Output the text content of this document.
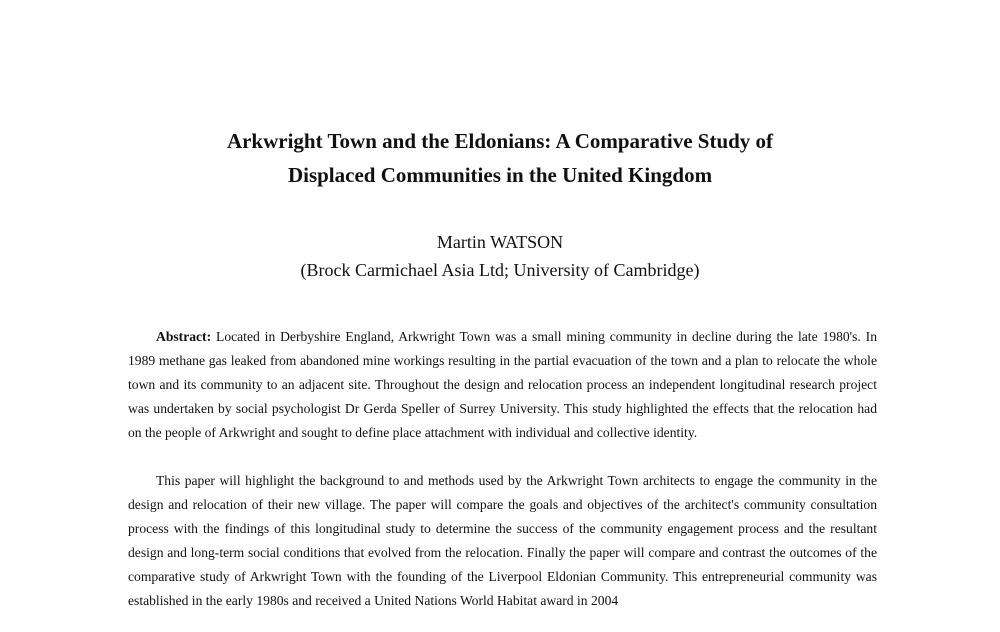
Arkwright Town and the Eldonians: A Comparative Study of
Displaced Communities in the United Kingdom
Martin WATSON
(Brock Carmichael Asia Ltd; University of Cambridge)

Abstract: Located in Derbyshire England, Arkwright Town was a small mining community in decline during the late 1980's. In 1989 methane gas leaked from abandoned mine workings resulting in the partial evacuation of the town and a plan to relocate the whole town and its community to an adjacent site. Throughout the design and relocation process an independent longitudinal research project was undertaken by social psychologist Dr Gerda Speller of Surrey University. This study highlighted the effects that the relocation had on the people of Arkwright and sought to define place attachment with individual and collective identity.

This paper will highlight the background to and methods used by the Arkwright Town architects to engage the community in the design and relocation of their new village. The paper will compare the goals and objectives of the architect's community consultation process with the findings of this longitudinal study to determine the success of the community engagement process and the resultant design and long-term social conditions that evolved from the relocation. Finally the paper will compare and contrast the outcomes of the comparative study of Arkwright Town with the founding of the Liverpool Eldonian Community. This entrepreneurial community was established in the early 1980s and received a United Nations World Habitat award in 2004
